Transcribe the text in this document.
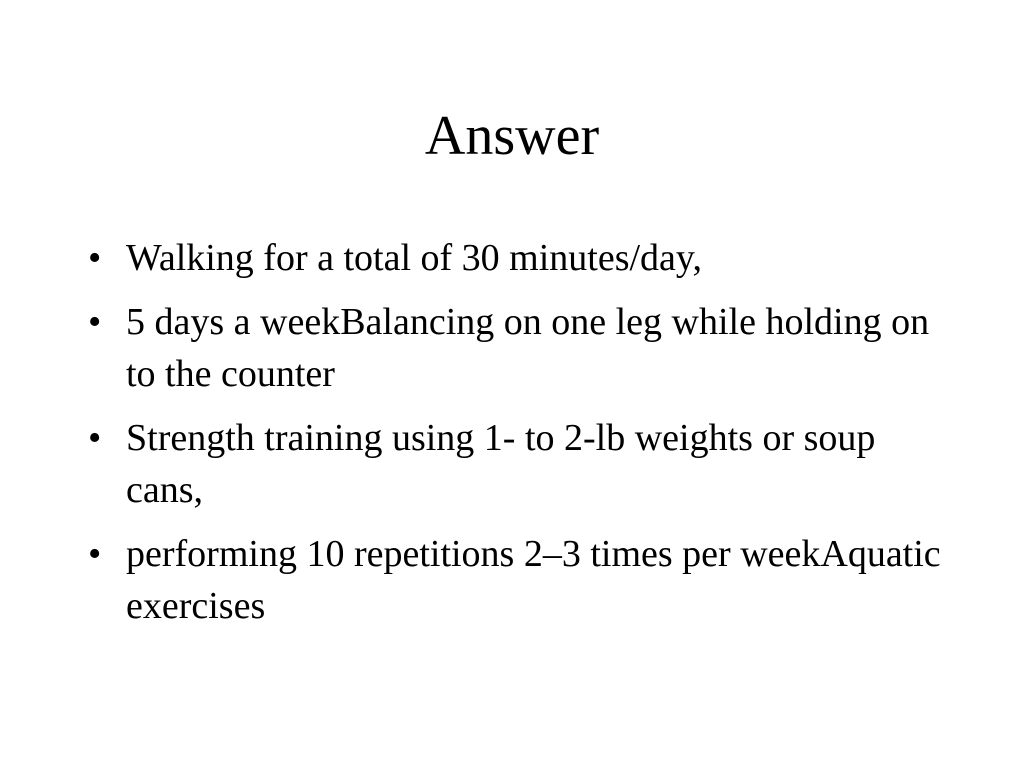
Answer
• Walking for a total of 30 minutes/day,
• 5 days a weekBalancing on one leg while holding on to the counter
• Strength training using 1- to 2-lb weights or soup cans,
• performing 10 repetitions 2–3 times per weekAquatic exercises
